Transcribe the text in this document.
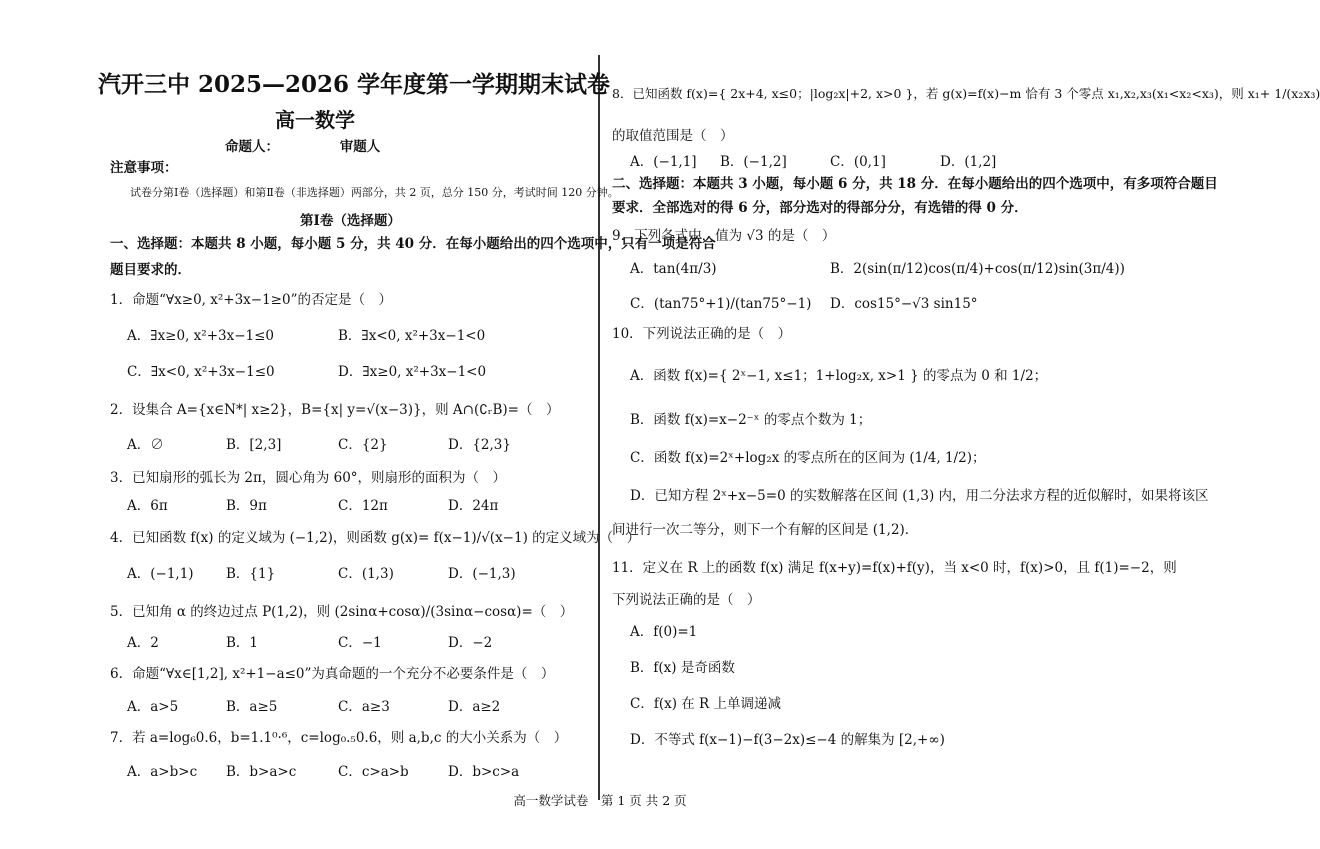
汽开三中 2025—2026 学年度第一学期期末试卷
高一数学
命题人：　　　　　审题人
注意事项：
试卷分第Ⅰ卷（选择题）和第Ⅱ卷（非选择题）两部分，共 2 页，总分 150 分，考试时间 120 分钟。
第Ⅰ卷（选择题）
一、选择题：本题共 8 小题，每小题 5 分，共 40 分．在每小题给出的四个选项中，只有一项是符合
题目要求的．
1．命题“∀x≥0, x²+3x−1≥0”的否定是（　）
A．∃x≥0, x²+3x−1≤0	B．∃x<0, x²+3x−1<0
C．∃x<0, x²+3x−1≤0	D．∃x≥0, x²+3x−1<0
2．设集合 A={x∈N*| x≥2}，B={x| y=√(x−3)}，则 A∩(∁ᵣB)=（　）
A．∅	B．[2,3]	C．{2}	D．{2,3}
3．已知扇形的弧长为 2π，圆心角为 60°，则扇形的面积为（　）
A．6π	B．9π	C．12π	D．24π
4．已知函数 f(x) 的定义域为 (−1,2)，则函数 g(x)= f(x−1)/√(x−1) 的定义域为（　）
A．(−1,1) B．{1}	C．(1,3)	D．(−1,3)
5．已知角 α 的终边过点 P(1,2)，则 (2sinα+cosα)/(3sinα−cosα)=（　）
A．2	B．1	C．−1	D．−2
6．命题“∀x∈[1,2], x²+1−a≤0”为真命题的一个充分不必要条件是（　）
A．a>5	B．a≥5	C．a≥3	D．a≥2
7．若 a=log₆0.6，b=1.1⁰·⁶，c=log₀.₅0.6，则 a,b,c 的大小关系为（　）
A．a>b>c B．b>a>c	C．c>a>b	D．b>c>a
8．已知函数 f(x)={ 2x+4, x≤0；|log₂x|+2, x>0 }，若 g(x)=f(x)−m 恰有 3 个零点 x₁,x₂,x₃(x₁<x₂<x₃)，则 x₁+ 1/(x₂x₃)
的取值范围是（　）
A．(−1,1] B．(−1,2]	C．(0,1]	D．(1,2]
二、选择题：本题共 3 小题，每小题 6 分，共 18 分．在每小题给出的四个选项中，有多项符合题目
要求．全部选对的得 6 分，部分选对的得部分分，有选错的得 0 分．
9．下列各式中，值为 √3 的是（　）
A．tan(4π/3)	B．2(sin(π/12)cos(π/4)+cos(π/12)sin(3π/4))
C．(tan75°+1)/(tan75°−1) D．cos15°−√3 sin15°
10．下列说法正确的是（　）
A．函数 f(x)={ 2ˣ−1, x≤1；1+log₂x, x>1 } 的零点为 0 和 1/2；
B．函数 f(x)=x−2⁻ˣ 的零点个数为 1；
C．函数 f(x)=2ˣ+log₂x 的零点所在的区间为 (1/4, 1/2)；
D．已知方程 2ˣ+x−5=0 的实数解落在区间 (1,3) 内，用二分法求方程的近似解时，如果将该区
间进行一次二等分，则下一个有解的区间是 (1,2)．
11．定义在 R 上的函数 f(x) 满足 f(x+y)=f(x)+f(y)，当 x<0 时，f(x)>0，且 f(1)=−2，则
下列说法正确的是（　）
A．f(0)=1
B．f(x) 是奇函数
C．f(x) 在 R 上单调递减
D．不等式 f(x−1)−f(3−2x)≤−4 的解集为 [2,+∞)
高一数学试卷　第 1 页 共 2 页
